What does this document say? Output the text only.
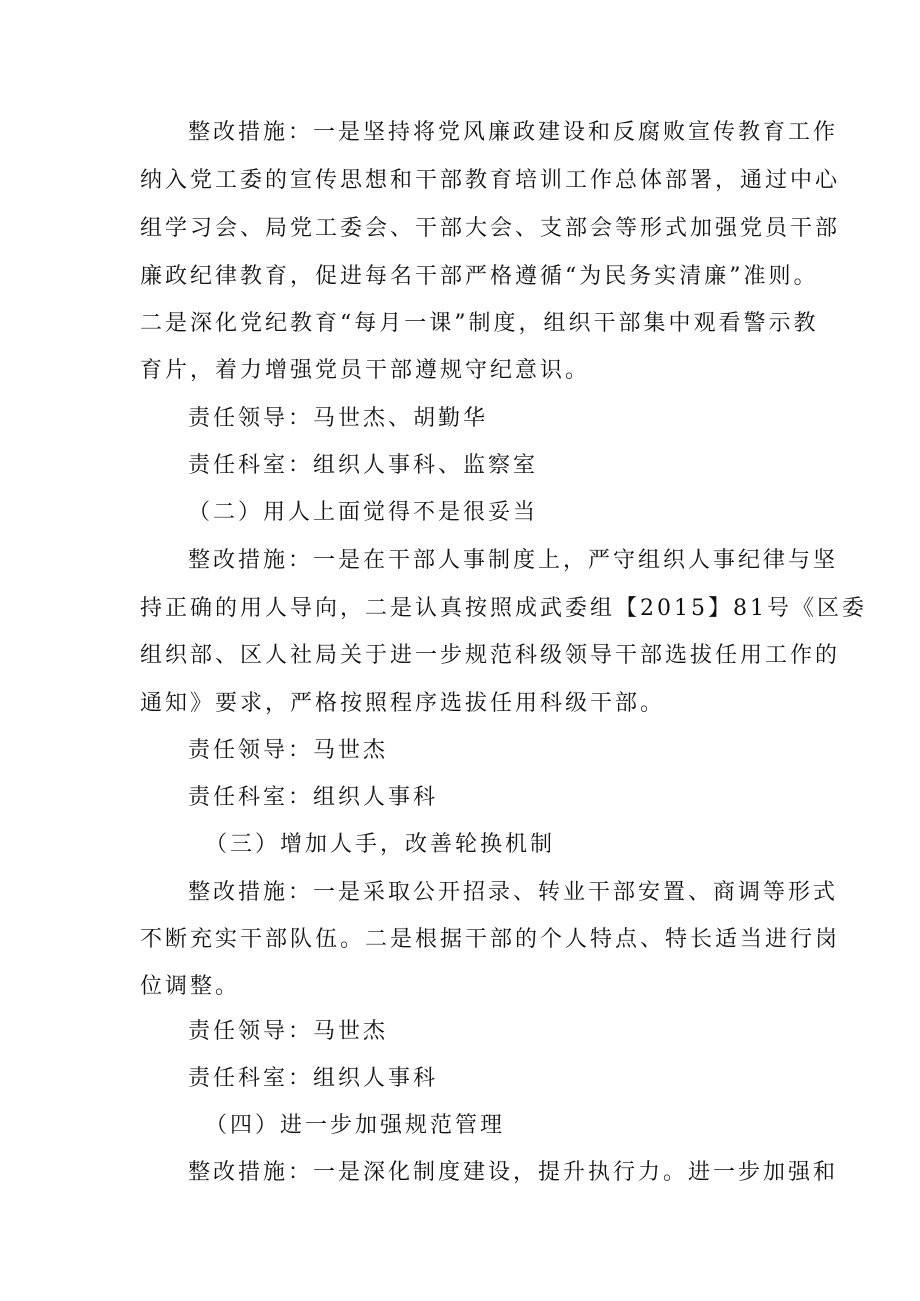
整改措施：一是坚持将党风廉政建设和反腐败宣传教育工作
纳入党工委的宣传思想和干部教育培训工作总体部署，通过中心
组学习会、局党工委会、干部大会、支部会等形式加强党员干部
廉政纪律教育，促进每名干部严格遵循“为民务实清廉”准则。
二是深化党纪教育“每月一课”制度，组织干部集中观看警示教
育片，着力增强党员干部遵规守纪意识。
责任领导：马世杰、胡勤华
责任科室：组织人事科、监察室
（二）用人上面觉得不是很妥当
整改措施：一是在干部人事制度上，严守组织人事纪律与坚
持正确的用人导向，二是认真按照成武委组【2015】81号《区委
组织部、区人社局关于进一步规范科级领导干部选拔任用工作的
通知》要求，严格按照程序选拔任用科级干部。
责任领导：马世杰
责任科室：组织人事科
（三）增加人手，改善轮换机制
整改措施：一是采取公开招录、转业干部安置、商调等形式
不断充实干部队伍。二是根据干部的个人特点、特长适当进行岗
位调整。
责任领导：马世杰
责任科室：组织人事科
（四）进一步加强规范管理
整改措施：一是深化制度建设，提升执行力。进一步加强和
